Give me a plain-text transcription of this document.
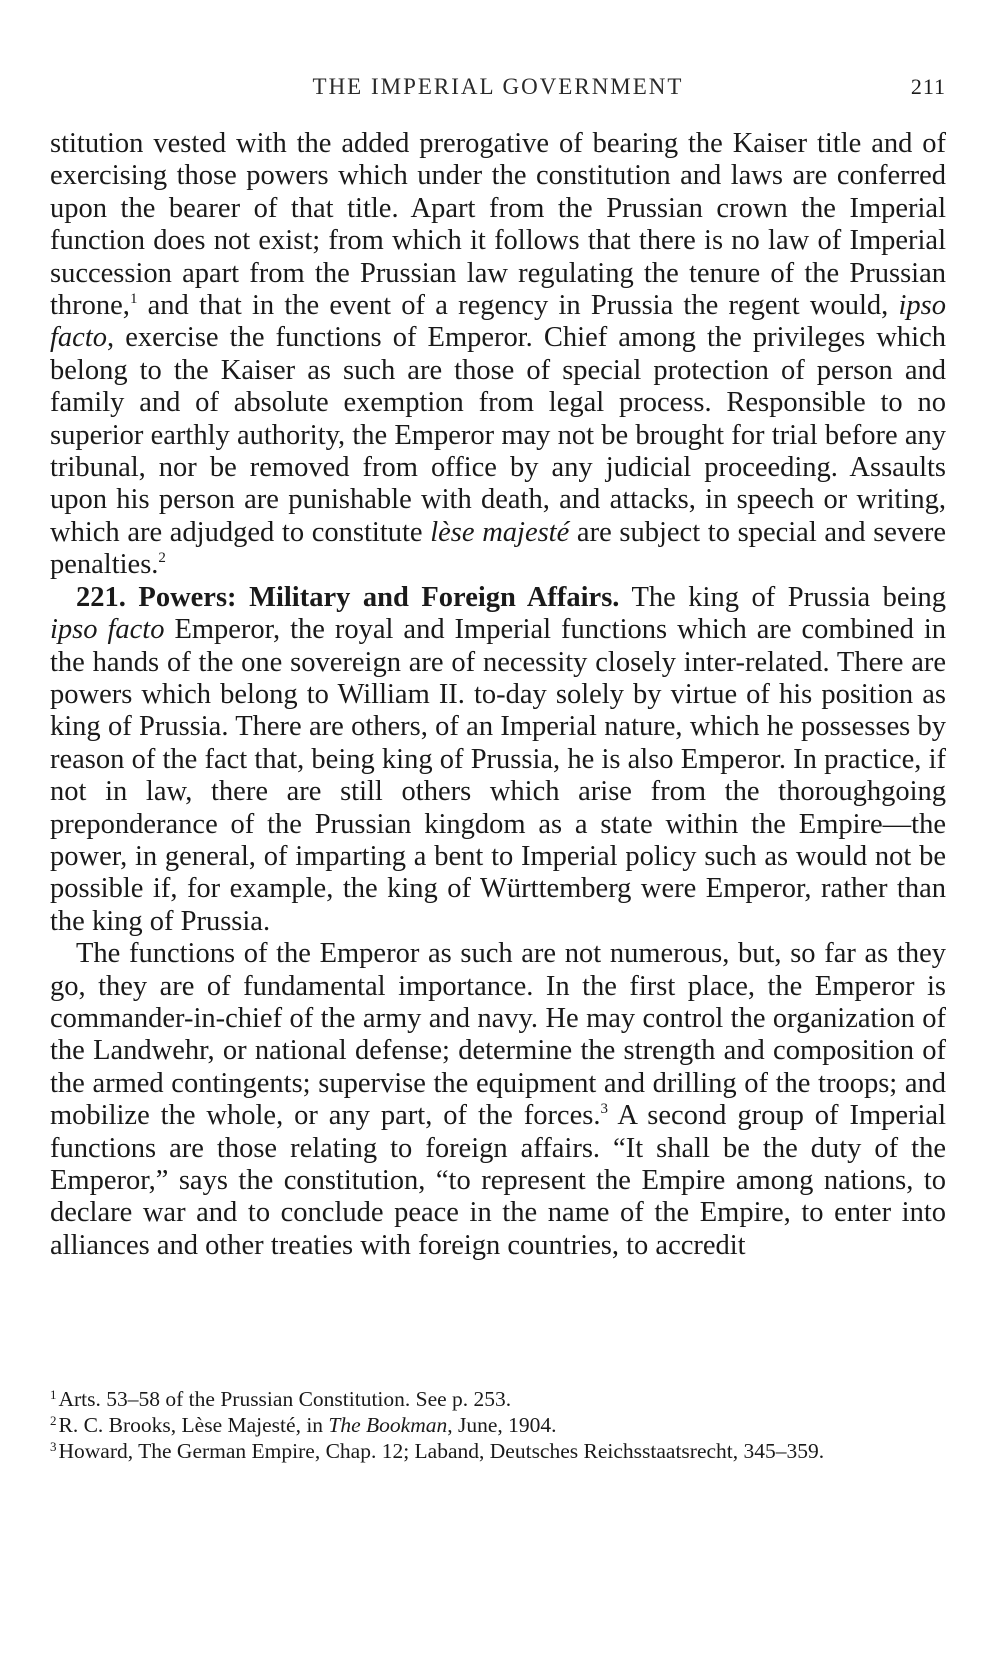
THE IMPERIAL GOVERNMENT	211

stitution vested with the added prerogative of bearing the Kaiser title and of exercising those powers which under the constitution and laws are conferred upon the bearer of that title. Apart from the Prussian crown the Imperial function does not exist; from which it follows that there is no law of Imperial succession apart from the Prussian law regulating the tenure of the Prussian throne,$^1$ and that in the event of a regency in Prussia the regent would, ipso facto, exercise the functions of Emperor. Chief among the privileges which belong to the Kaiser as such are those of special protection of person and family and of absolute exemption from legal process. Responsible to no superior earthly authority, the Emperor may not be brought for trial before any tribunal, nor be removed from office by any judicial proceeding. Assaults upon his person are punishable with death, and attacks, in speech or writing, which are adjudged to constitute lèse majesté are subject to special and severe penalties.$^2$

221. Powers: Military and Foreign Affairs. The king of Prussia being ipso facto Emperor, the royal and Imperial functions which are combined in the hands of the one sovereign are of necessity closely inter-related. There are powers which belong to William II. to-day solely by virtue of his position as king of Prussia. There are others, of an Imperial nature, which he possesses by reason of the fact that, being king of Prussia, he is also Emperor. In practice, if not in law, there are still others which arise from the thoroughgoing preponderance of the Prussian kingdom as a state within the Empire—the power, in general, of imparting a bent to Imperial policy such as would not be possible if, for example, the king of Württemberg were Emperor, rather than the king of Prussia.

The functions of the Emperor as such are not numerous, but, so far as they go, they are of fundamental importance. In the first place, the Emperor is commander-in-chief of the army and navy. He may control the organization of the Landwehr, or national defense; determine the strength and composition of the armed contingents; supervise the equipment and drilling of the troops; and mobilize the whole, or any part, of the forces.$^3$ A second group of Imperial functions are those relating to foreign affairs. “It shall be the duty of the Emperor,” says the constitution, “to represent the Empire among nations, to declare war and to conclude peace in the name of the Empire, to enter into alliances and other treaties with foreign countries, to accredit

$^1$Arts. 53–58 of the Prussian Constitution. See p. 253.

$^2$R. C. Brooks, Lèse Majesté, in The Bookman, June, 1904.

$^3$Howard, The German Empire, Chap. 12; Laband, Deutsches Reichsstaatsrecht, 345–359.
